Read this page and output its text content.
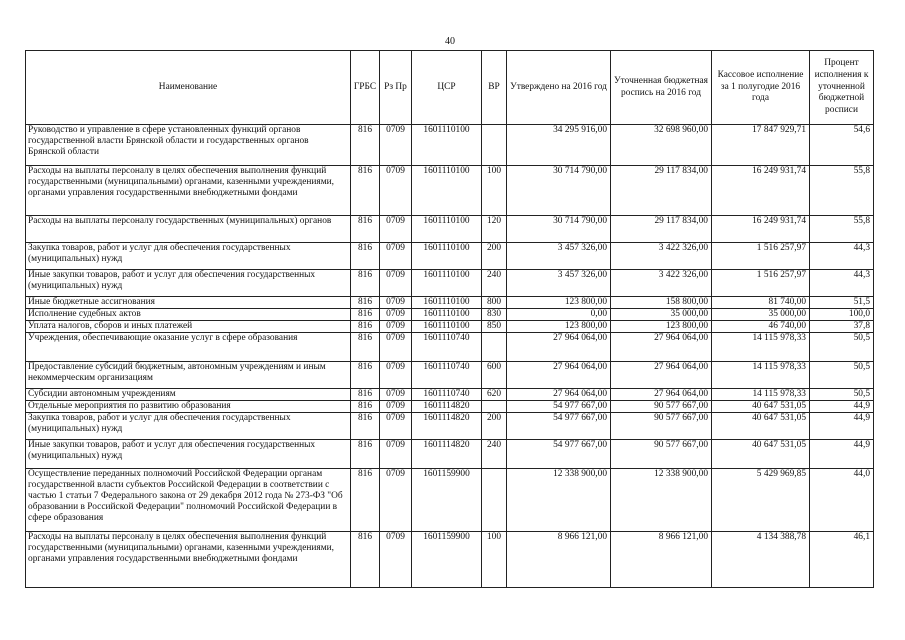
40
Наименование	ГРБС	Рз Пр	ЦСР	ВР	Утверждено на 2016 год	Уточненная бюджетная роспись на 2016 год	Кассовое исполнение за 1 полугодие 2016 года	Процент исполнения к уточненной бюджетной росписи
Руководство и управление в сфере установленных функций органов государственной власти Брянской области и государственных органов Брянской области	816	0709	1601110100		34 295 916,00	32 698 960,00	17 847 929,71	54,6
Расходы на выплаты персоналу в целях обеспечения выполнения функций государственными (муниципальными) органами, казенными учреждениями, органами управления государственными внебюджетными фондами	816	0709	1601110100	100	30 714 790,00	29 117 834,00	16 249 931,74	55,8
Расходы на выплаты персоналу государственных (муниципальных) органов	816	0709	1601110100	120	30 714 790,00	29 117 834,00	16 249 931,74	55,8
Закупка товаров, работ и услуг для обеспечения государственных (муниципальных) нужд	816	0709	1601110100	200	3 457 326,00	3 422 326,00	1 516 257,97	44,3
Иные закупки товаров, работ и услуг для обеспечения государственных (муниципальных) нужд	816	0709	1601110100	240	3 457 326,00	3 422 326,00	1 516 257,97	44,3
Иные бюджетные ассигнования	816	0709	1601110100	800	123 800,00	158 800,00	81 740,00	51,5
Исполнение судебных актов	816	0709	1601110100	830	0,00	35 000,00	35 000,00	100,0
Уплата налогов, сборов и иных платежей	816	0709	1601110100	850	123 800,00	123 800,00	46 740,00	37,8
Учреждения, обеспечивающие оказание услуг в сфере образования	816	0709	1601110740		27 964 064,00	27 964 064,00	14 115 978,33	50,5
Предоставление субсидий бюджетным, автономным учреждениям и иным некоммерческим организациям	816	0709	1601110740	600	27 964 064,00	27 964 064,00	14 115 978,33	50,5
Субсидии автономным учреждениям	816	0709	1601110740	620	27 964 064,00	27 964 064,00	14 115 978,33	50,5
Отдельные мероприятия по развитию образования	816	0709	1601114820		54 977 667,00	90 577 667,00	40 647 531,05	44,9
Закупка товаров, работ и услуг для обеспечения государственных (муниципальных) нужд	816	0709	1601114820	200	54 977 667,00	90 577 667,00	40 647 531,05	44,9
Иные закупки товаров, работ и услуг для обеспечения государственных (муниципальных) нужд	816	0709	1601114820	240	54 977 667,00	90 577 667,00	40 647 531,05	44,9
Осуществление переданных полномочий Российской Федерации органам государственной власти субъектов Российской Федерации в соответствии с частью 1 статьи 7 Федерального закона от 29 декабря 2012 года № 273-ФЗ "Об образовании в Российской Федерации" полномочий Российской Федерации в сфере образования	816	0709	1601159900		12 338 900,00	12 338 900,00	5 429 969,85	44,0
Расходы на выплаты персоналу в целях обеспечения выполнения функций государственными (муниципальными) органами, казенными учреждениями, органами управления государственными внебюджетными фондами	816	0709	1601159900	100	8 966 121,00	8 966 121,00	4 134 388,78	46,1
